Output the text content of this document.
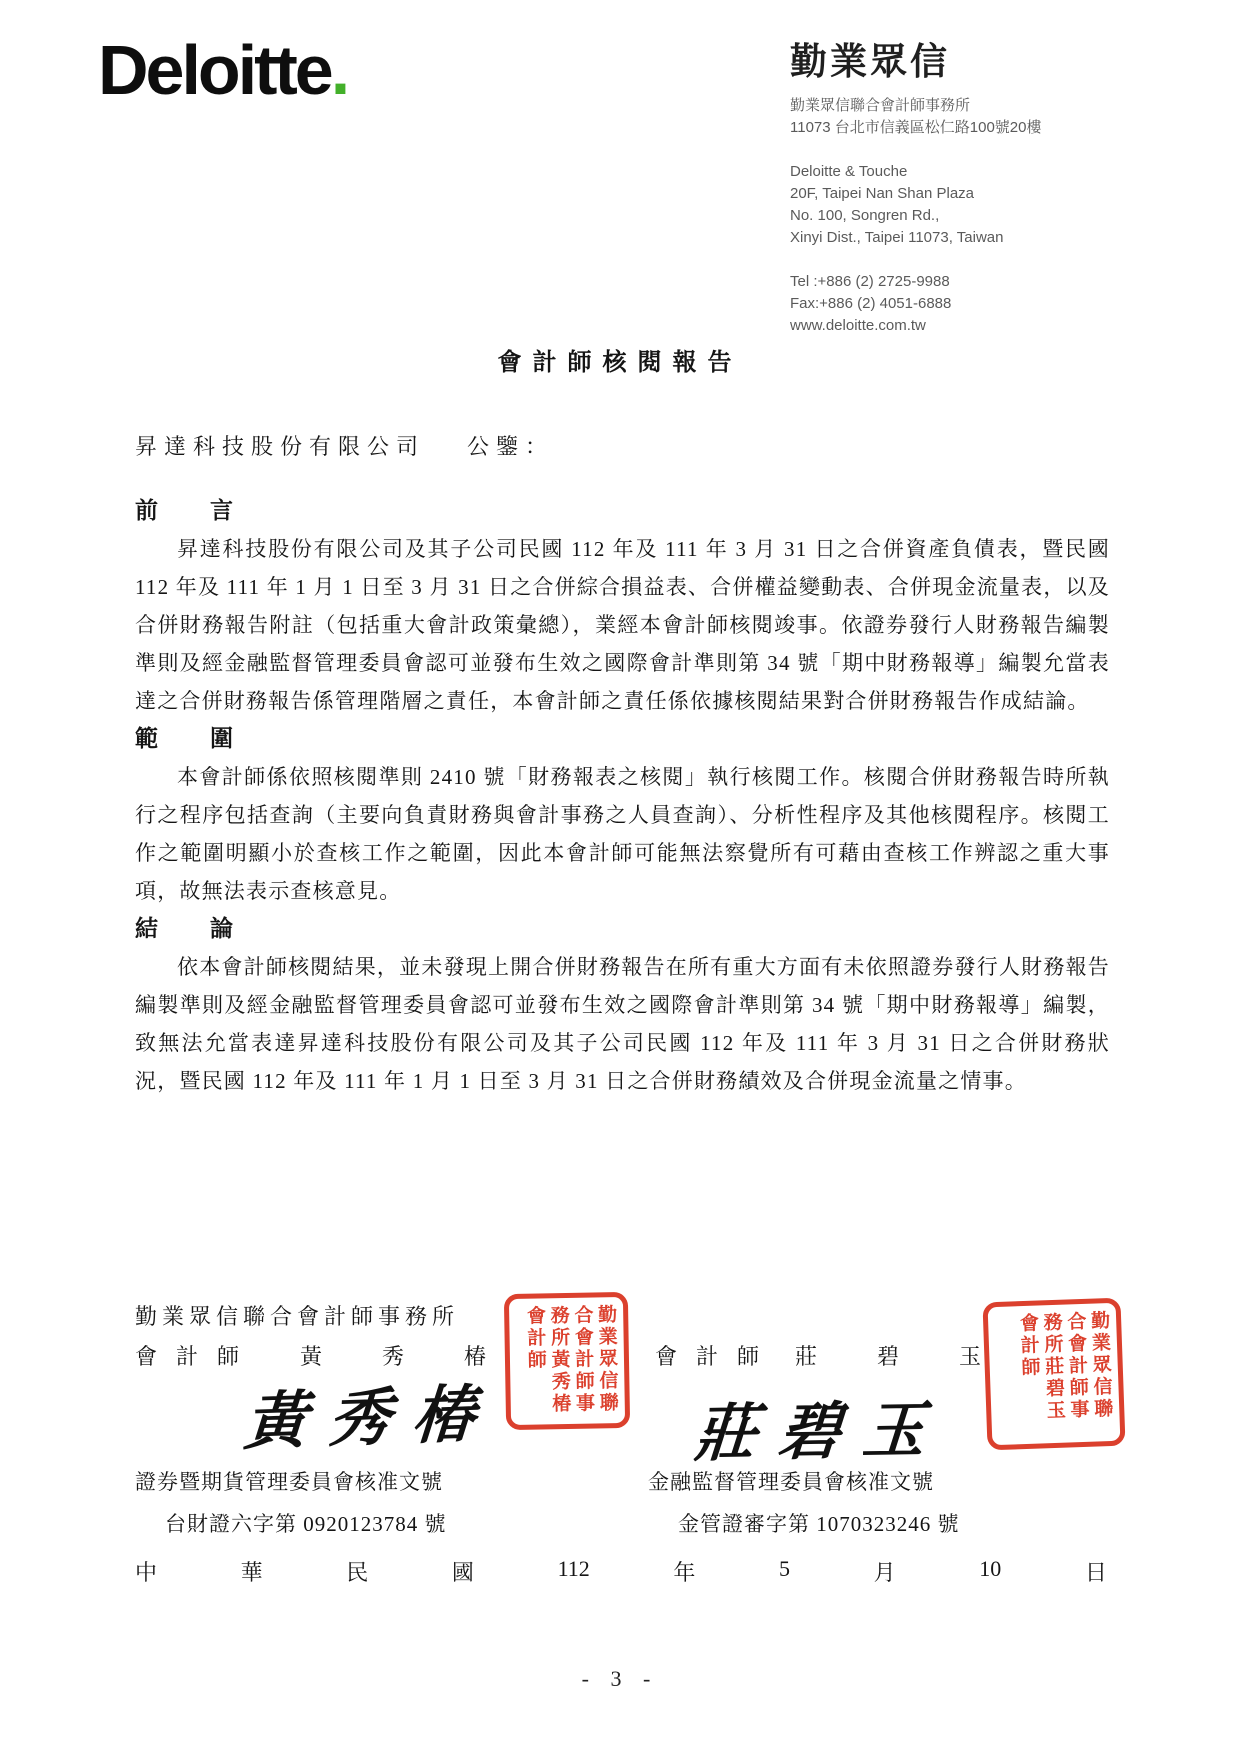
Deloitte.	勤業眾信
勤業眾信聯合會計師事務所
11073 台北市信義區松仁路100號20樓
Deloitte & Touche
20F, Taipei Nan Shan Plaza
No. 100, Songren Rd.,
Xinyi Dist., Taipei 11073, Taiwan
Tel :+886 (2) 2725-9988
Fax:+886 (2) 4051-6888
www.deloitte.com.tw
會計師核閱報告
昇達科技股份有限公司 公鑒：
前　　言

昇達科技股份有限公司及其子公司民國 112 年及 111 年 3 月 31 日之合併資產負債表，暨民國 112 年及 111 年 1 月 1 日至 3 月 31 日之合併綜合損益表、合併權益變動表、合併現金流量表，以及合併財務報告附註（包括重大會計政策彙總），業經本會計師核閱竣事。依證券發行人財務報告編製準則及經金融監督管理委員會認可並發布生效之國際會計準則第 34 號「期中財務報導」編製允當表達之合併財務報告係管理階層之責任，本會計師之責任係依據核閱結果對合併財務報告作成結論。

範　　圍

本會計師係依照核閱準則 2410 號「財務報表之核閱」執行核閱工作。核閱合併財務報告時所執行之程序包括查詢（主要向負責財務與會計事務之人員查詢）、分析性程序及其他核閱程序。核閱工作之範圍明顯小於查核工作之範圍，因此本會計師可能無法察覺所有可藉由查核工作辨認之重大事項，故無法表示查核意見。

結　　論

依本會計師核閱結果，並未發現上開合併財務報告在所有重大方面有未依照證券發行人財務報告編製準則及經金融監督管理委員會認可並發布生效之國際會計準則第 34 號「期中財務報導」編製，致無法允當表達昇達科技股份有限公司及其子公司民國 112 年及 111 年 3 月 31 日之合併財務狀況，暨民國 112 年及 111 年 1 月 1 日至 3 月 31 日之合併財務績效及合併現金流量之情事。

勤業眾信聯合會計師事務所
會計師 黃　秀　椿
黃秀椿
勤業眾信聯合會計師事務所黃秀椿會計師	會計師 莊　碧　玉
莊碧玉
勤業眾信聯合會計師事務所莊碧玉會計師
證券暨期貨管理委員會核准文號
台財證六字第 0920123784 號
金融監督管理委員會核准文號
金管證審字第 1070323246 號
中	華	民	國	112	年	5	月	10	日
- 3 -
